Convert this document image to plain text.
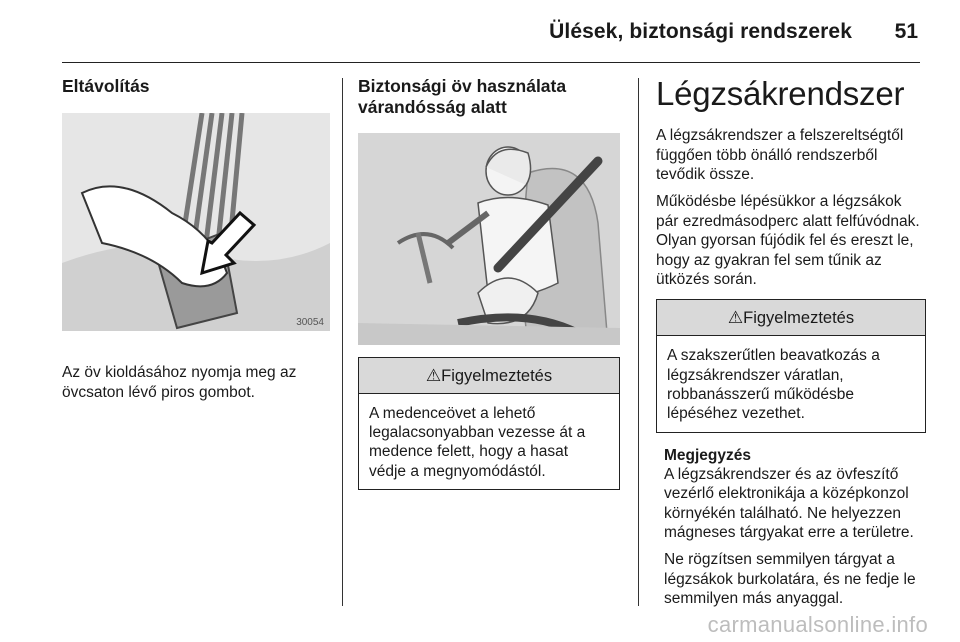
Ülések, biztonsági rendszerek 51
Eltávolítás
30054

Az öv kioldásához nyomja meg az övcsaton lévő piros gombot.

Biztonsági öv használata várandósság alatt
⚠Figyelmeztetés
A medenceövet a lehető legalacsonyabban vezesse át a medence felett, hogy a hasat védje a megnyomódástól.
Légzsákrendszer

A légzsákrendszer a felszereltségtől függően több önálló rendszerből tevődik össze.

Működésbe lépésükkor a légzsákok pár ezredmásodperc alatt felfúvódnak. Olyan gyorsan fújódik fel és ereszt le, hogy az gyakran fel sem tűnik az ütközés során.

⚠Figyelmeztetés
A szakszerűtlen beavatkozás a légzsákrendszer váratlan, robbanásszerű működésbe lépéséhez vezethet.
Megjegyzés

A légzsákrendszer és az övfeszítő vezérlő elektronikája a középkonzol környékén található. Ne helyezzen mágneses tárgyakat erre a területre.

Ne rögzítsen semmilyen tárgyat a légzsákok burkolatára, és ne fedje le semmilyen más anyaggal.

carmanualsonline.info
